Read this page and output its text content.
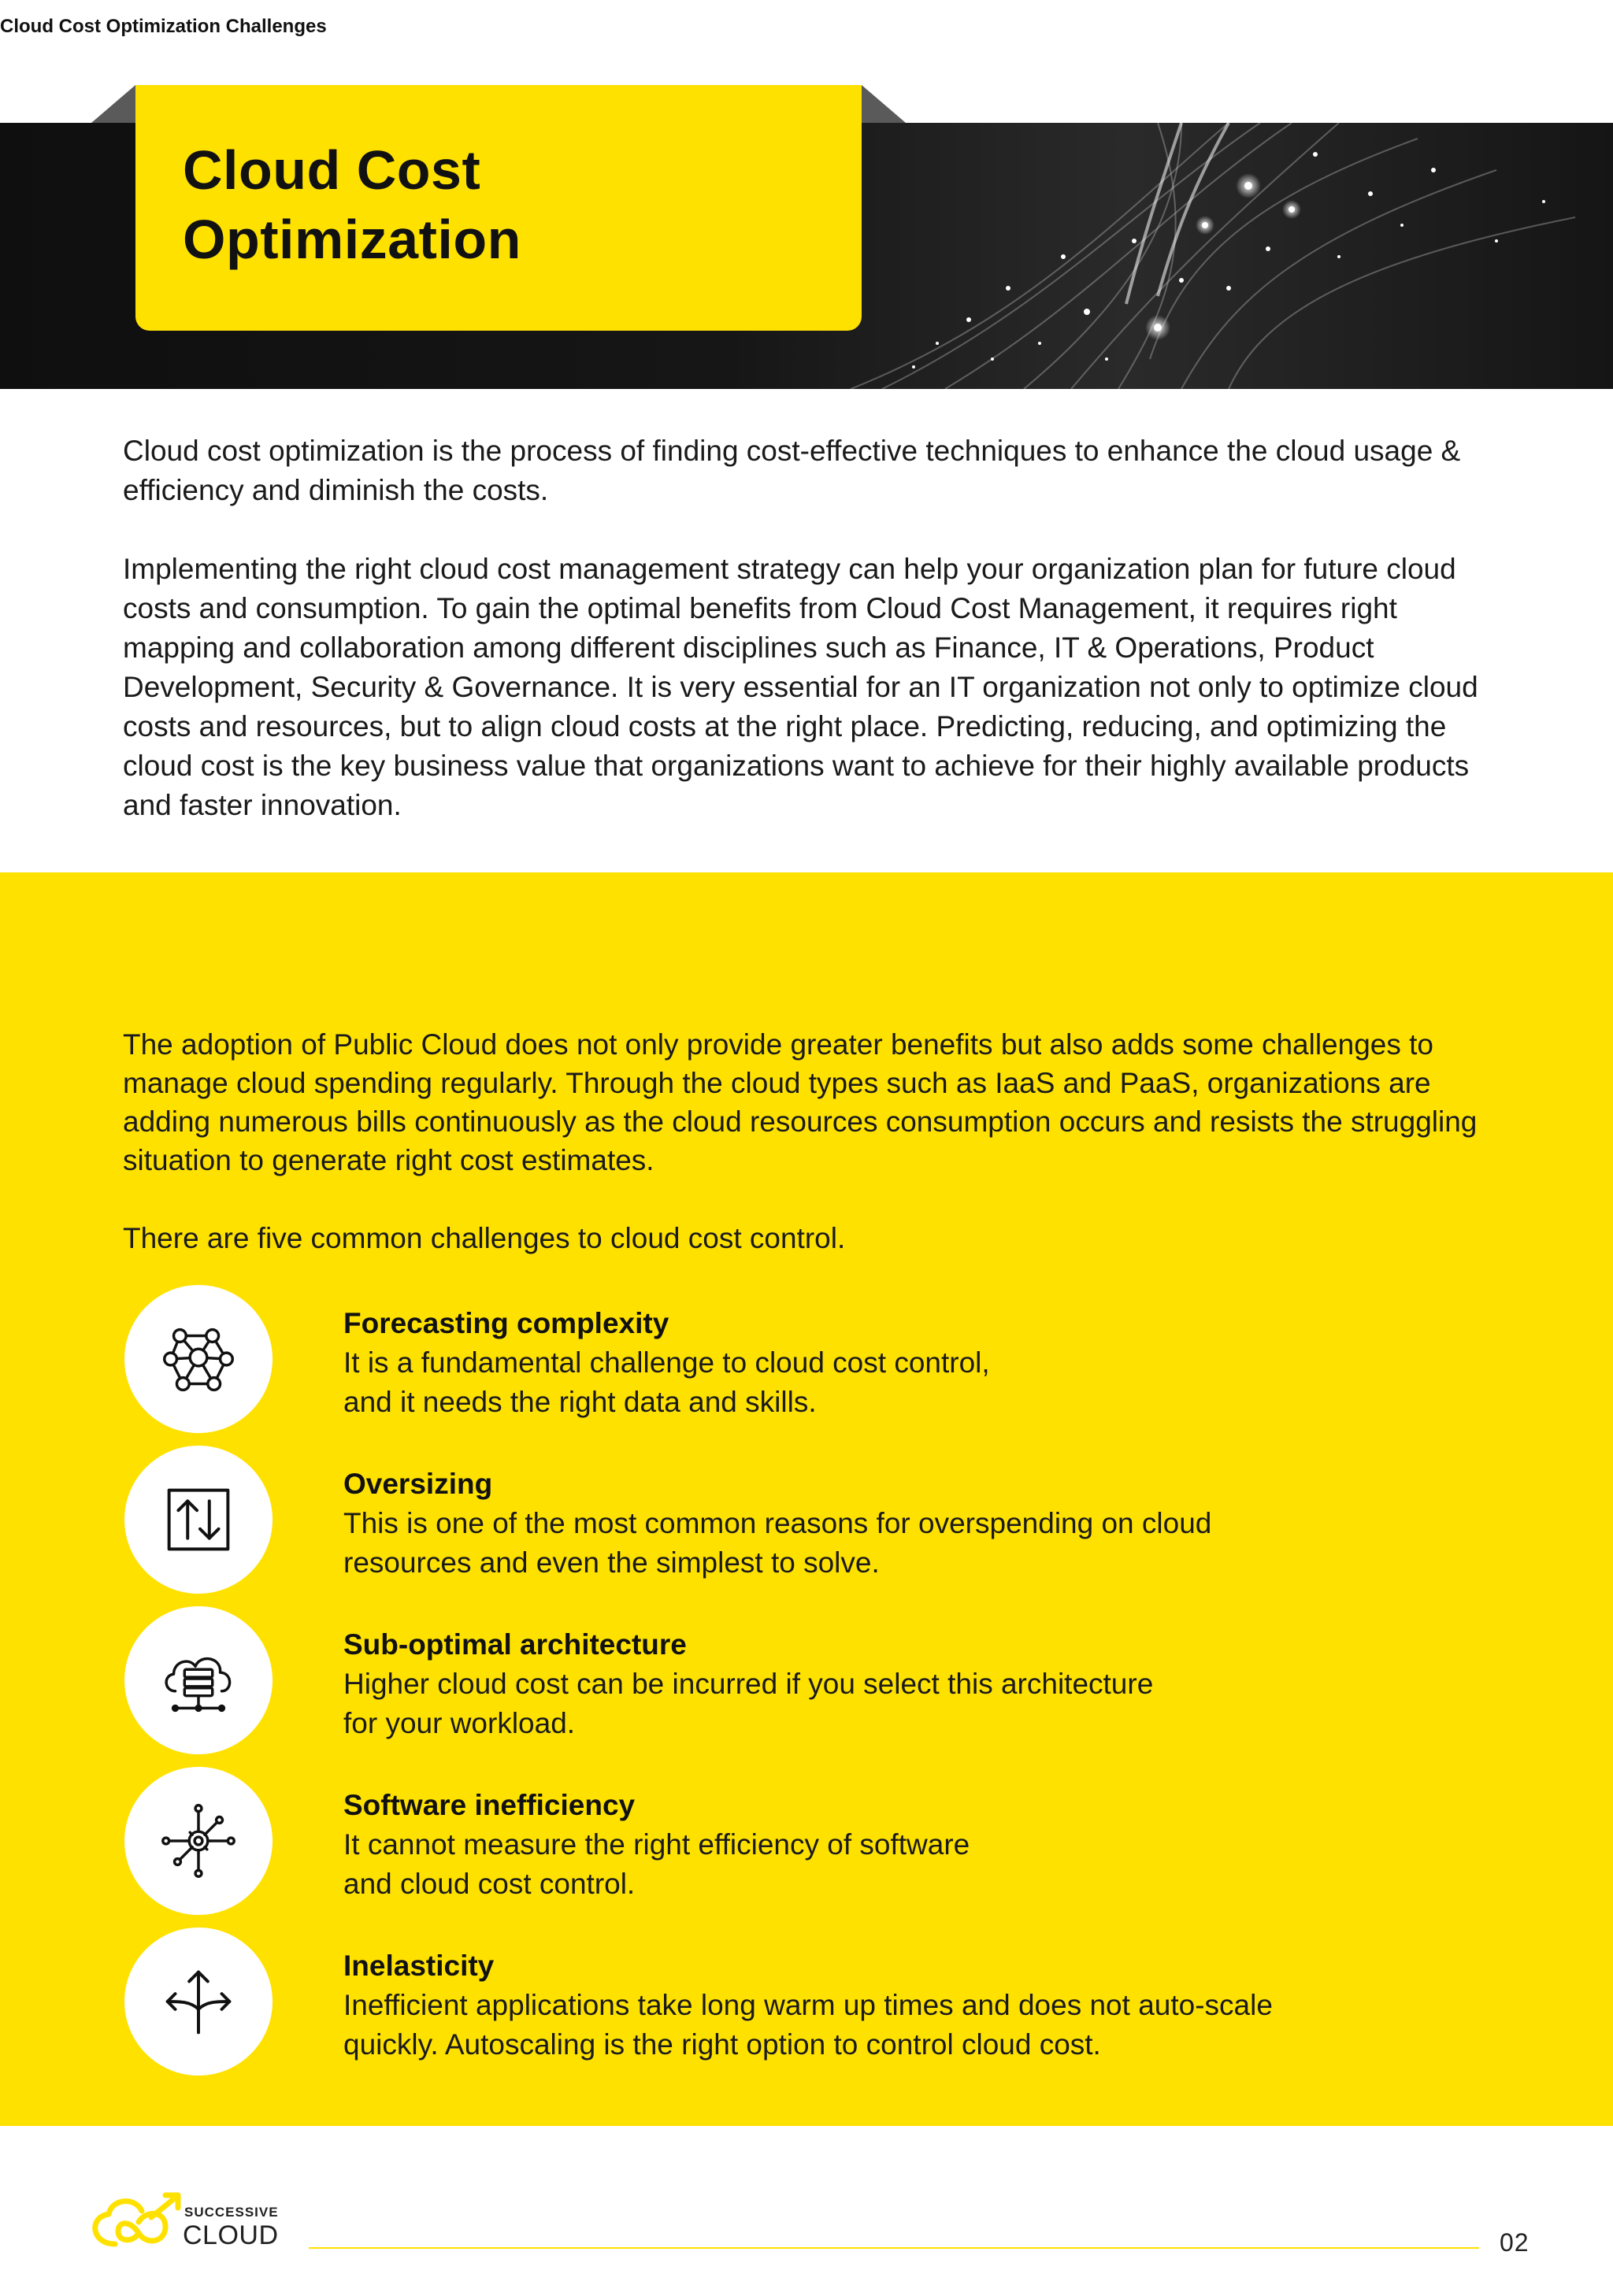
Cloud Cost
Optimization

Cloud cost optimization is the process of finding cost-effective techniques to enhance the cloud usage & efficiency and diminish the costs.

Implementing the right cloud cost management strategy can help your organization plan for future cloud costs and consumption. To gain the optimal benefits from Cloud Cost Management, it requires right mapping and collaboration among different disciplines such as Finance, IT & Operations, Product Development, Security & Governance. It is very essential for an IT organization not only to optimize cloud costs and resources, but to align cloud costs at the right place. Predicting, reducing, and optimizing the cloud cost is the key business value that organizations want to achieve for their highly available products and faster innovation.

Cloud Cost Optimization Challenges

The adoption of Public Cloud does not only provide greater benefits but also adds some challenges to manage cloud spending regularly. Through the cloud types such as IaaS and PaaS, organizations are adding numerous bills continuously as the cloud resources consumption occurs and resists the struggling situation to generate right cost estimates.

There are five common challenges to cloud cost control.

Forecasting complexity
It is a fundamental challenge to cloud cost control,
and it needs the right data and skills.
Oversizing
This is one of the most common reasons for overspending on cloud
resources and even the simplest to solve.
Sub-optimal architecture
Higher cloud cost can be incurred if you select this architecture
for your workload.
Software inefficiency
It cannot measure the right efficiency of software
and cloud cost control.
Inelasticity
Inefficient applications take long warm up times and does not auto-scale
quickly. Autoscaling is the right option to control cloud cost.
SUCCESSIVE
CLOUD	02
